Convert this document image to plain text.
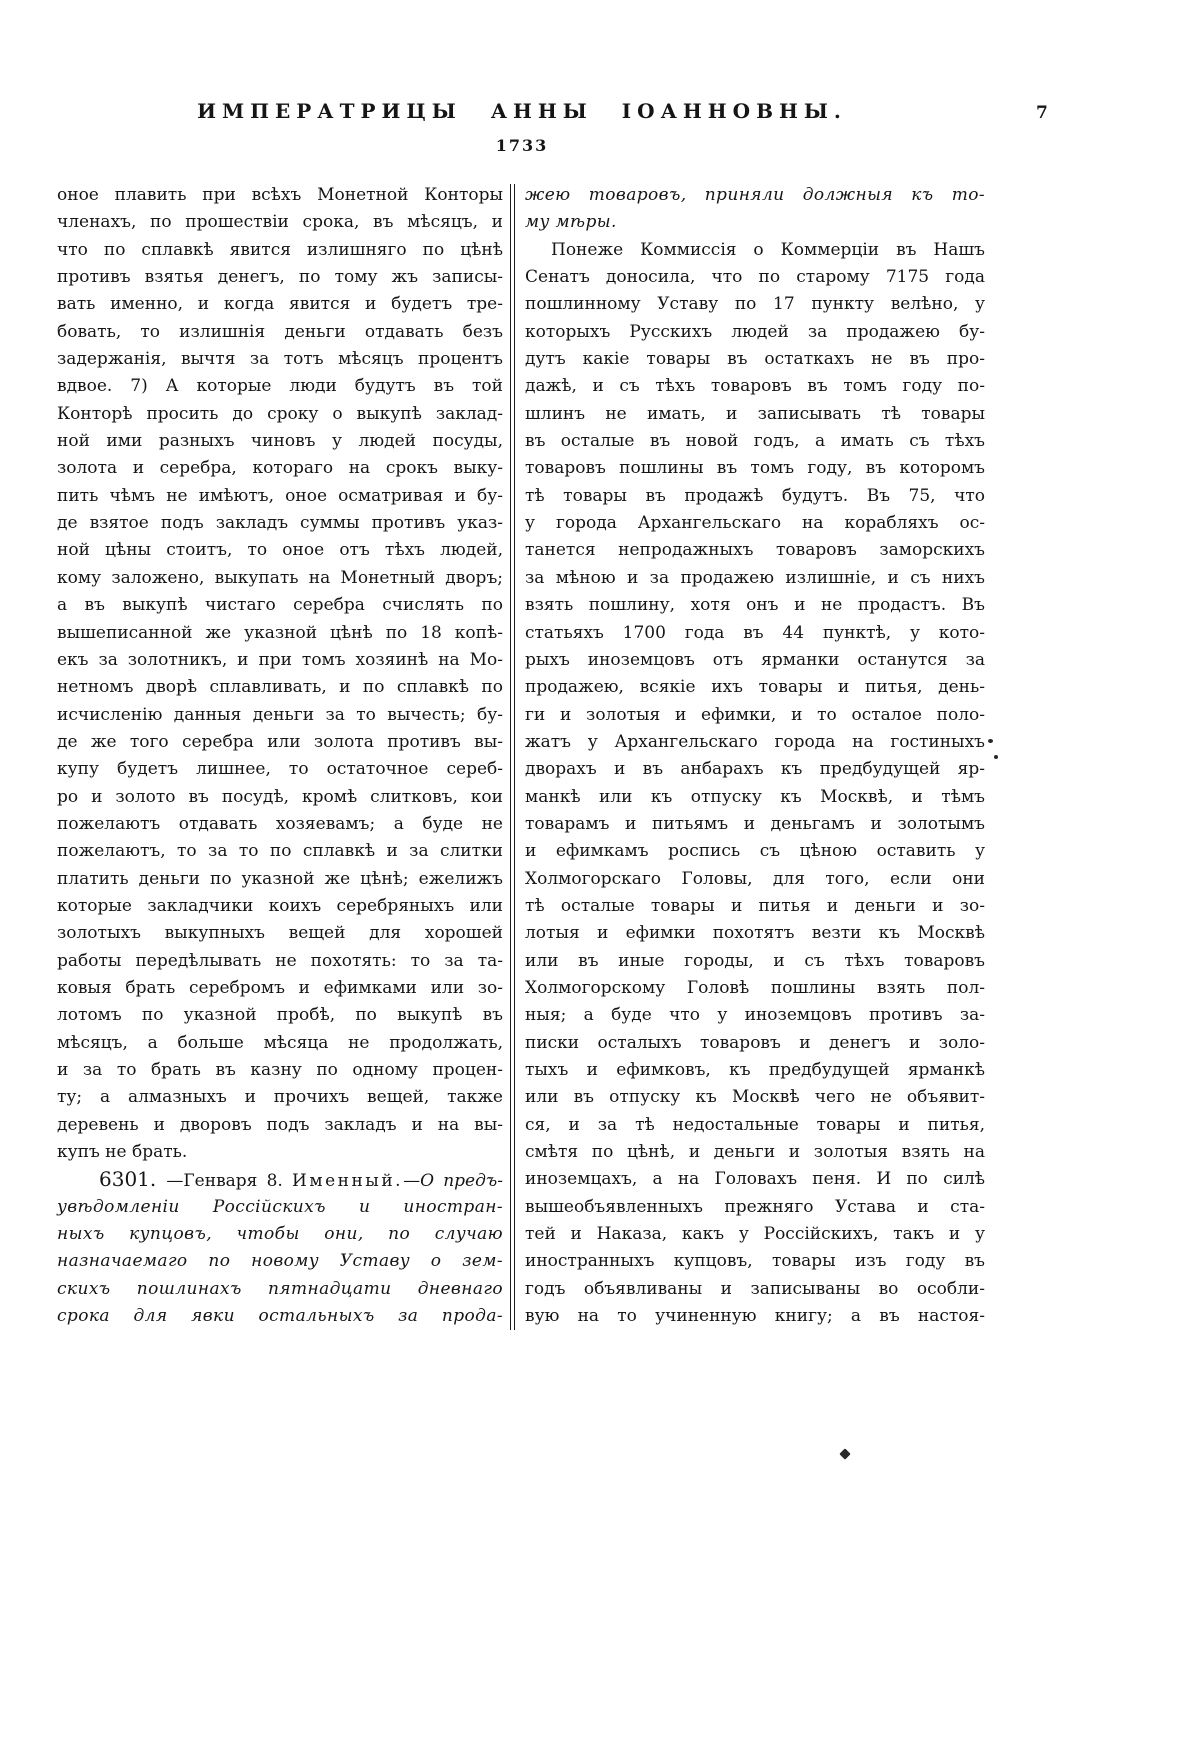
ИМПЕРАТРИЦЫ АННЫ ІОАННОВНЫ.	7
1733
оное плавить при всѣхъ Монетной Конторы
членахъ, по прошествіи срока, въ мѣсяцъ, и
что по сплавкѣ явится излишняго по цѣнѣ
противъ взятья денегъ, по тому жъ записы-
вать именно, и когда явится и будетъ тре-
бовать, то излишнія деньги отдавать безъ
задержанія, вычтя за тотъ мѣсяцъ процентъ
вдвое. 7) А которые люди будутъ въ той
Конторѣ просить до сроку о выкупѣ заклад-
ной ими разныхъ чиновъ у людей посуды,
золота и серебра, котораго на срокъ выку-
пить чѣмъ не имѣютъ, оное осматривая и бу-
де взятое подъ закладъ суммы противъ указ-
ной цѣны стоитъ, то оное отъ тѣхъ людей,
кому заложено, выкупать на Монетный дворъ;
а въ выкупѣ чистаго серебра счислять по
вышеписанной же указной цѣнѣ по 18 копѣ-
екъ за золотникъ, и при томъ хозяинѣ на Мо-
нетномъ дворѣ сплавливать, и по сплавкѣ по
исчисленію данныя деньги за то вычесть; бу-
де же того серебра или золота противъ вы-
купу будетъ лишнее, то остаточное сереб-
ро и золото въ посудѣ, кромѣ слитковъ, кои
пожелаютъ отдавать хозяевамъ; а буде не
пожелаютъ, то за то по сплавкѣ и за слитки
платить деньги по указной же цѣнѣ; ежелижъ
которые закладчики коихъ серебряныхъ или
золотыхъ выкупныхъ вещей для хорошей
работы передѣлывать не похотять: то за та-
ковыя брать серебромъ и ефимками или зо-
лотомъ по указной пробѣ, по выкупѣ въ
мѣсяцъ, а больше мѣсяца не продолжать,
и за то брать въ казну по одному процен-
ту; а алмазныхъ и прочихъ вещей, также
деревень и дворовъ подъ закладъ и на вы-
купъ не брать.
6301. —Генваря 8. Именный.—О предъ-
увѣдомленіи Россійскихъ и иностран-
ныхъ купцовъ, чтобы они, по случаю
назначаемаго по новому Уставу о зем-
скихъ пошлинахъ пятнадцати дневнаго
срока для явки остальныхъ за прода-
жею товаровъ, приняли должныя къ то-
му мѣры.
Понеже Коммиссія о Коммерціи въ Нашъ
Сенатъ доносила, что по старому 7175 года
пошлинному Уставу по 17 пункту велѣно, у
которыхъ Русскихъ людей за продажею бу-
дутъ какіе товары въ остаткахъ не въ про-
дажѣ, и съ тѣхъ товаровъ въ томъ году по-
шлинъ не имать, и записывать тѣ товары
въ осталые въ новой годъ, а имать съ тѣхъ
товаровъ пошлины въ томъ году, въ которомъ
тѣ товары въ продажѣ будутъ. Въ 75, что
у города Архангельскаго на корабляхъ ос-
танется непродажныхъ товаровъ заморскихъ
за мѣною и за продажею излишніе, и съ нихъ
взять пошлину, хотя онъ и не продастъ. Въ
статьяхъ 1700 года въ 44 пунктѣ, у кото-
рыхъ иноземцовъ отъ ярманки останутся за
продажею, всякіе ихъ товары и питья, день-
ги и золотыя и ефимки, и то осталое поло-
жатъ у Архангельскаго города на гостиныхъ
дворахъ и въ анбарахъ къ предбудущей яр-
манкѣ или къ отпуску къ Москвѣ, и тѣмъ
товарамъ и питьямъ и деньгамъ и золотымъ
и ефимкамъ роспись съ цѣною оставить у
Холмогорскаго Головы, для того, если они
тѣ осталые товары и питья и деньги и зо-
лотыя и ефимки похотятъ везти къ Москвѣ
или въ иные городы, и съ тѣхъ товаровъ
Холмогорскому Головѣ пошлины взять пол-
ныя; а буде что у иноземцовъ противъ за-
писки осталыхъ товаровъ и денегъ и золо-
тыхъ и ефимковъ, къ предбудущей ярманкѣ
или въ отпуску къ Москвѣ чего не объявит-
ся, и за тѣ недостальные товары и питья,
смѣтя по цѣнѣ, и деньги и золотыя взять на
иноземцахъ, а на Головахъ пеня. И по силѣ
вышеобъявленныхъ прежняго Устава и ста-
тей и Наказа, какъ у Россійскихъ, такъ и у
иностранныхъ купцовъ, товары изъ году въ
годъ объявливаны и записываны во особли-
вую на то учиненную книгу; а въ настоя-
